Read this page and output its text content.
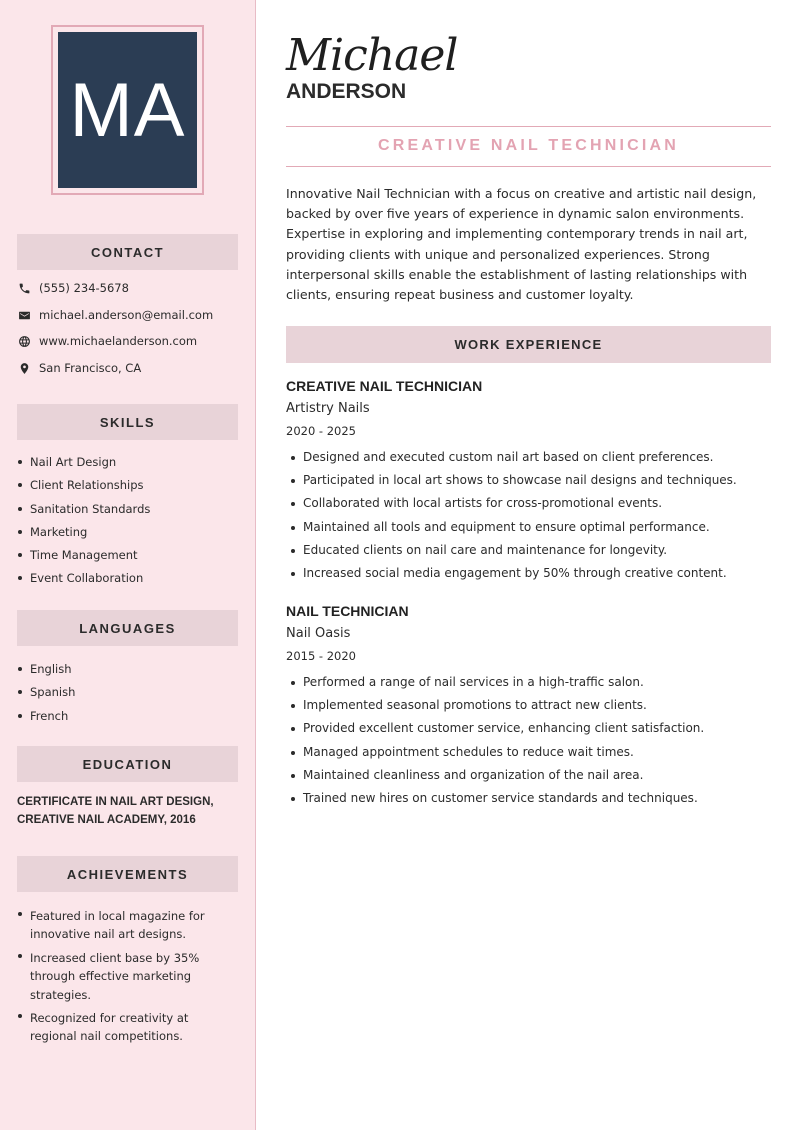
MA
CONTACT
(555) 234-5678
michael.anderson@email.com
www.michaelanderson.com
San Francisco, CA
SKILLS
Nail Art Design
Client Relationships
Sanitation Standards
Marketing
Time Management
Event Collaboration
LANGUAGES
English
Spanish
French
EDUCATION
CERTIFICATE IN NAIL ART DESIGN,
CREATIVE NAIL ACADEMY, 2016
ACHIEVEMENTS
Featured in local magazine for innovative nail art designs.
Increased client base by 35% through effective marketing strategies.
Recognized for creativity at regional nail competitions.
Michael
ANDERSON
CREATIVE NAIL TECHNICIAN
Innovative Nail Technician with a focus on creative and artistic nail design, backed by over five years of experience in dynamic salon environments. Expertise in exploring and implementing contemporary trends in nail art, providing clients with unique and personalized experiences. Strong interpersonal skills enable the establishment of lasting relationships with clients, ensuring repeat business and customer loyalty.
WORK EXPERIENCE
CREATIVE NAIL TECHNICIAN
Artistry Nails
2020 - 2025
Designed and executed custom nail art based on client preferences.
Participated in local art shows to showcase nail designs and techniques.
Collaborated with local artists for cross-promotional events.
Maintained all tools and equipment to ensure optimal performance.
Educated clients on nail care and maintenance for longevity.
Increased social media engagement by 50% through creative content.
NAIL TECHNICIAN
Nail Oasis
2015 - 2020
Performed a range of nail services in a high-traffic salon.
Implemented seasonal promotions to attract new clients.
Provided excellent customer service, enhancing client satisfaction.
Managed appointment schedules to reduce wait times.
Maintained cleanliness and organization of the nail area.
Trained new hires on customer service standards and techniques.
